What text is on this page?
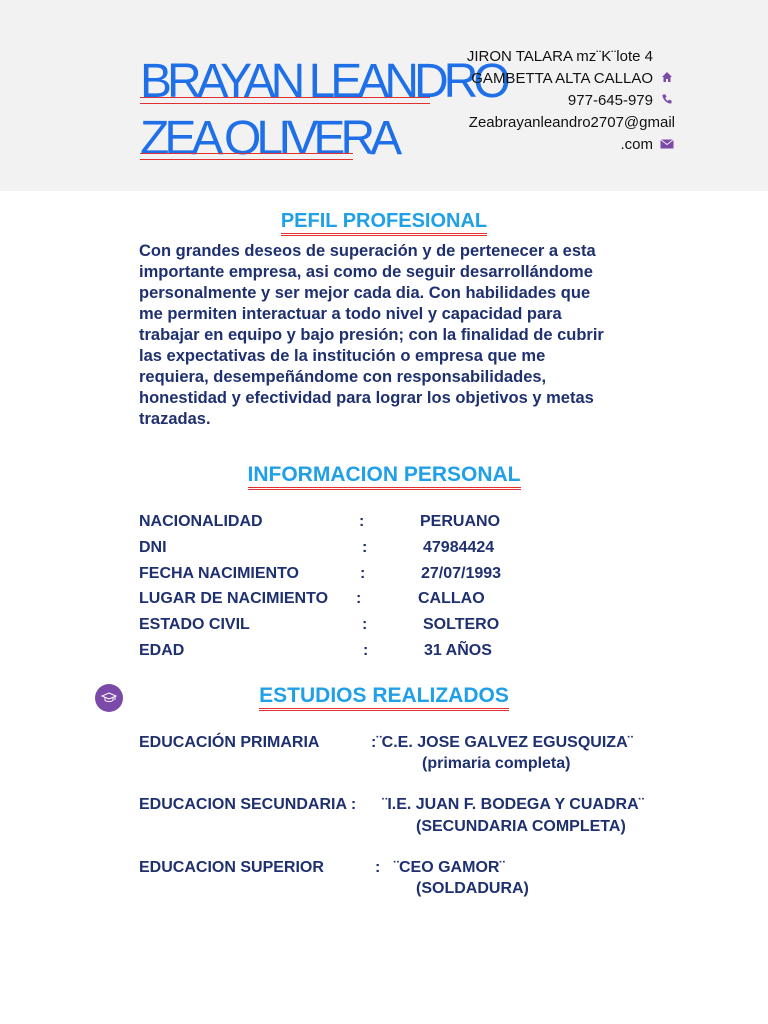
BRAYAN LEANDRO
ZEA OLIVERA
JIRON TALARA mz¨K¨lote 4
GAMBETTA ALTA CALLAO
977-645-979
Zeabrayanleandro2707@gmail
.com
PEFIL PROFESIONAL
Con grandes deseos de superación y de pertenecer a esta
importante empresa, asi como de seguir desarrollándome
personalmente y ser mejor cada dia. Con habilidades que
me permiten interactuar a todo nivel y capacidad para
trabajar en equipo y bajo presión; con la finalidad de cubrir
las expectativas de la institución o empresa que me
requiera, desempeñándome con responsabilidades,
honestidad y efectividad para lograr los objetivos y metas
trazadas.
INFORMACION PERSONAL
NACIONALIDAD	:	PERUANO
DNI	:	47984424
FECHA NACIMIENTO	:	27/07/1993
LUGAR DE NACIMIENTO :	CALLAO
ESTADO CIVIL	:	SOLTERO
EDAD	:	31 AÑOS
ESTUDIOS REALIZADOS
EDUCACIÓN PRIMARIA	:¨C.E. JOSE GALVEZ EGUSQUIZA¨
(primaria completa)
EDUCACION SECUNDARIA : ¨I.E. JUAN F. BODEGA Y CUADRA¨
(SECUNDARIA COMPLETA)
EDUCACION SUPERIOR	:   ¨CEO GAMOR¨
(SOLDADURA)
